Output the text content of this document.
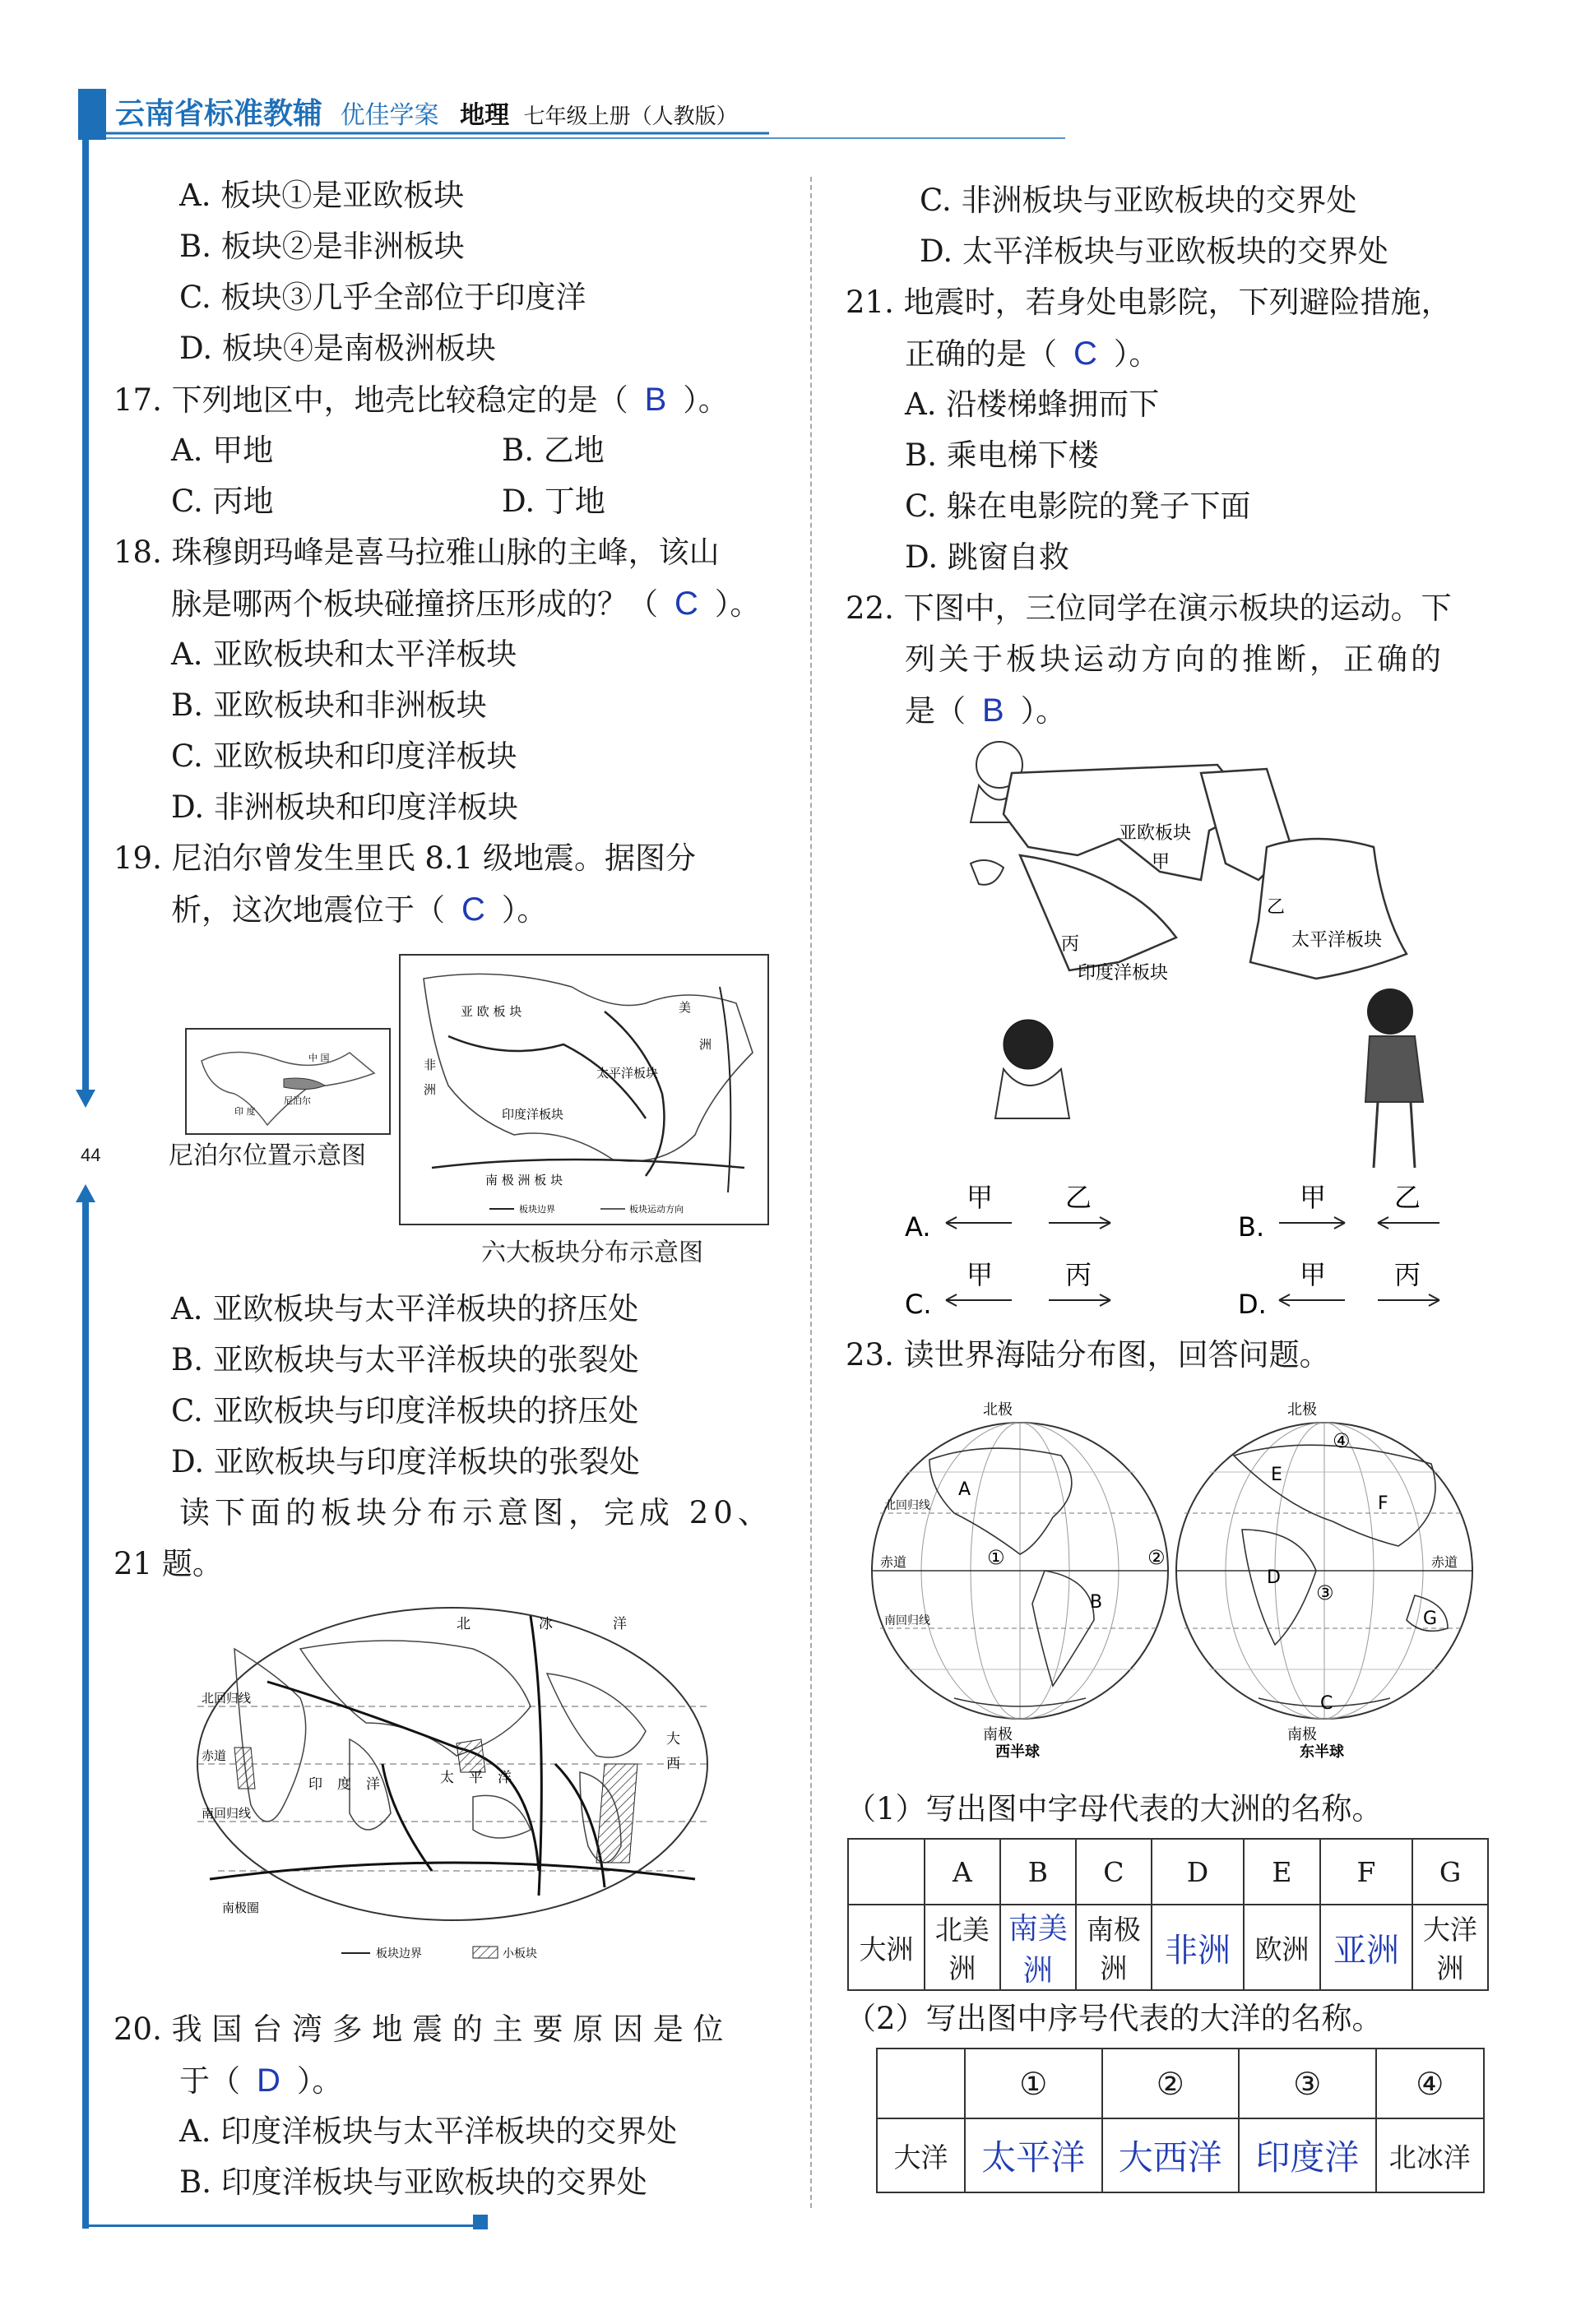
云南省标准教辅 优佳学案 地理 七年级上册（人教版）
44
A. 板块①是亚欧板块
B. 板块②是非洲板块
C. 板块③几乎全部位于印度洋
D. 板块④是南极洲板块
17. 下列地区中，地壳比较稳定的是（ B ）。
A. 甲地	B. 乙地
C. 丙地	D. 丁地
18. 珠穆朗玛峰是喜马拉雅山脉的主峰，该山
脉是哪两个板块碰撞挤压形成的？（ C ）。
A. 亚欧板块和太平洋板块
B. 亚欧板块和非洲板块
C. 亚欧板块和印度洋板块
D. 非洲板块和印度洋板块
19. 尼泊尔曾发生里氏 8.1 级地震。据图分
析，这次地震位于（ C ）。
中 国
尼泊尔
印 度
尼泊尔位置示意图
亚 欧 板 块	美
洲
非
洲
太平洋板块
印度洋板块
南 极 洲 板 块
板块边界	板块运动方向
六大板块分布示意图
A. 亚欧板块与太平洋板块的挤压处
B. 亚欧板块与太平洋板块的张裂处
C. 亚欧板块与印度洋板块的挤压处
D. 亚欧板块与印度洋板块的张裂处
读下面的板块分布示意图，完成 20、
21 题。
北	冰	洋
北回归线
赤道
南回归线
南极圈
印 度 洋	太 平 洋
大
西
板块边界	小板块
20. 我 国 台 湾 多 地 震 的 主 要 原 因 是 位
于（ D ）。
A. 印度洋板块与太平洋板块的交界处
B. 印度洋板块与亚欧板块的交界处
C. 非洲板块与亚欧板块的交界处
D. 太平洋板块与亚欧板块的交界处
21. 地震时，若身处电影院，下列避险措施，
正确的是（ C ）。
A. 沿楼梯蜂拥而下
B. 乘电梯下楼
C. 躲在电影院的凳子下面
D. 跳窗自救
22. 下图中，三位同学在演示板块的运动。下
列关于板块运动方向的推断，正确的
是（ B ）。
亚欧板块
甲
乙
太平洋板块
丙
印度洋板块
A.
甲	乙
B.
甲	乙
C.
甲	丙
D.
甲	丙
23. 读世界海陆分布图，回答问题。
A
B
北极
南极
西半球
赤道
北回归线
南回归线
①	②
D
E
F
G
C
③
④
北极
南极
东半球
赤道
（1）写出图中字母代表的大洲的名称。
	A	B	C	D	E	F	G
大洲	北美洲	南美洲	南极洲	非洲	欧洲	亚洲	大洋洲
（2）写出图中序号代表的大洋的名称。
	①	②	③	④
大洋	太平洋	大西洋	印度洋	北冰洋
